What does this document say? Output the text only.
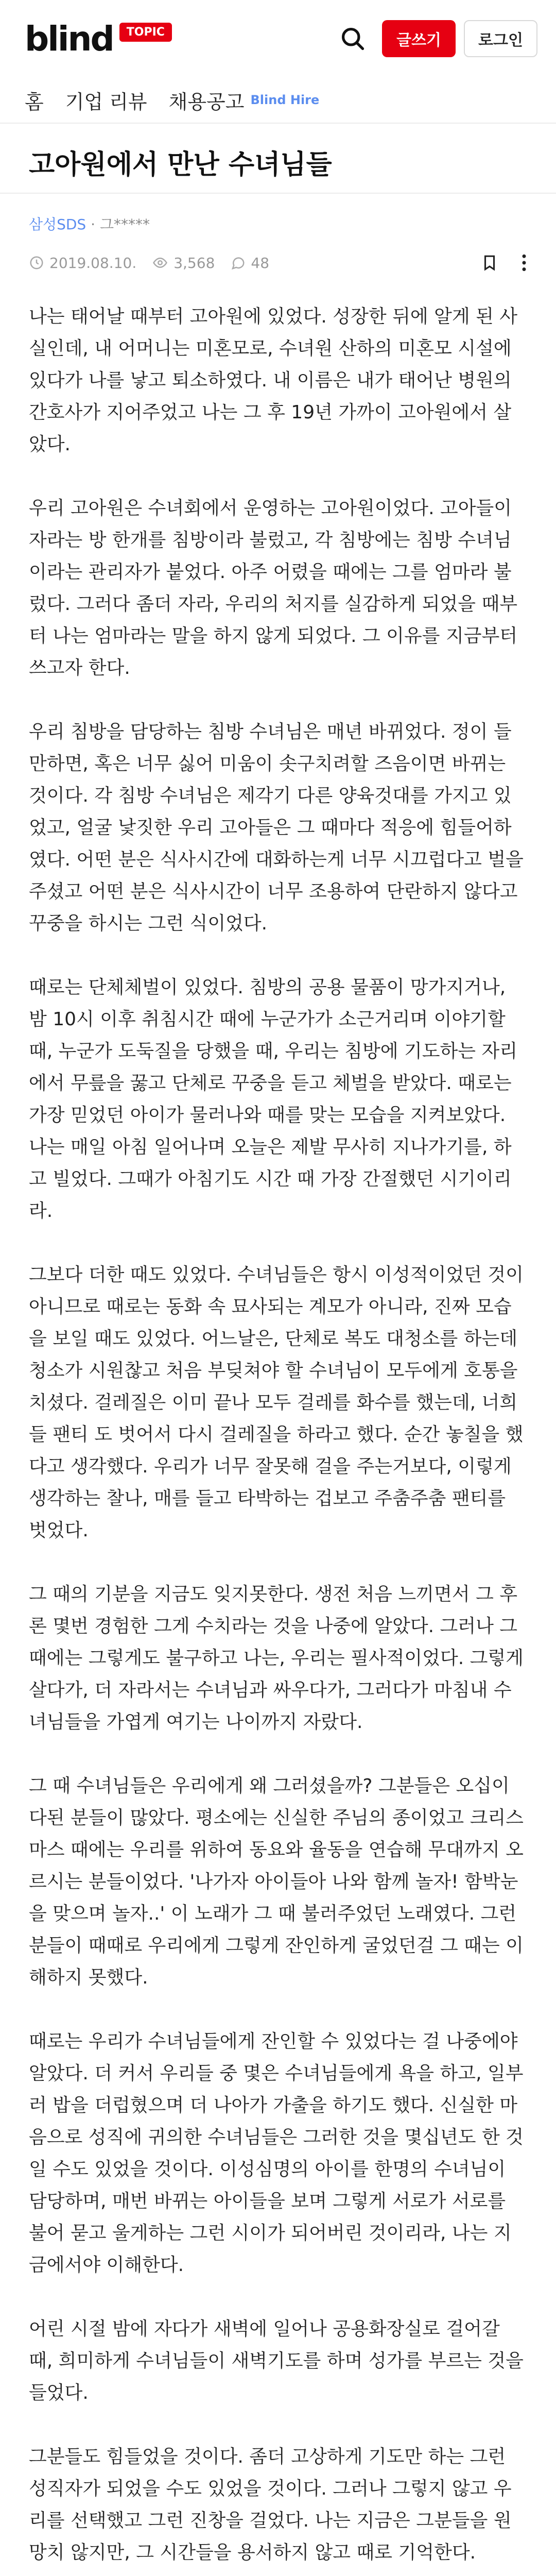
blind	TOPIC	글쓰기	로그인
홈 기업 리뷰 채용공고 Blind Hire
고아원에서 만난 수녀님들
삼성SDS · 그*****
2019.08.10.	3,568	48

나는 태어날 때부터 고아원에 있었다. 성장한 뒤에 알게 된 사실인데, 내 어머니는 미혼모로, 수녀원 산하의 미혼모 시설에 있다가 나를 낳고 퇴소하였다. 내 이름은 내가 태어난 병원의 간호사가 지어주었고 나는 그 후 19년 가까이 고아원에서 살았다.

우리 고아원은 수녀회에서 운영하는 고아원이었다. 고아들이 자라는 방 한개를 침방이라 불렀고, 각 침방에는 침방 수녀님이라는 관리자가 붙었다. 아주 어렸을 때에는 그를 엄마라 불렀다. 그러다 좀더 자라, 우리의 처지를 실감하게 되었을 때부터 나는 엄마라는 말을 하지 않게 되었다. 그 이유를 지금부터 쓰고자 한다.

우리 침방을 담당하는 침방 수녀님은 매년 바뀌었다. 정이 들만하면, 혹은 너무 싫어 미움이 솟구치려할 즈음이면 바뀌는 것이다. 각 침방 수녀님은 제각기 다른 양육것대를 가지고 있었고, 얼굴 낯짓한 우리 고아들은 그 때마다 적응에 힘들어하였다. 어떤 분은 식사시간에 대화하는게 너무 시끄럽다고 벌을 주셨고 어떤 분은 식사시간이 너무 조용하여 단란하지 않다고 꾸중을 하시는 그런 식이었다.

때로는 단체체벌이 있었다. 침방의 공용 물품이 망가지거나, 밤 10시 이후 취침시간 때에 누군가가 소근거리며 이야기할 때, 누군가 도둑질을 당했을 때, 우리는 침방에 기도하는 자리에서 무릎을 꿇고 단체로 꾸중을 듣고 체벌을 받았다. 때로는 가장 믿었던 아이가 물러나와 때를 맞는 모습을 지켜보았다. 나는 매일 아침 일어나며 오늘은 제발 무사히 지나가기를, 하고 빌었다. 그때가 아침기도 시간 때 가장 간절했던 시기이리라.

그보다 더한 때도 있었다. 수녀님들은 항시 이성적이었던 것이 아니므로 때로는 동화 속 묘사되는 계모가 아니라, 진짜 모습을 보일 때도 있었다. 어느날은, 단체로 복도 대청소를 하는데 청소가 시원찮고 처음 부딪쳐야 할 수녀님이 모두에게 호통을 치셨다. 걸레질은 이미 끝나 모두 걸레를 화수를 했는데, 너희들 팬티 도 벗어서 다시 걸레질을 하라고 했다. 순간 놓칠을 했다고 생각했다. 우리가 너무 잘못해 걸을 주는거보다, 이렇게 생각하는 찰나, 매를 들고 타박하는 겁보고 주춤주춤 팬티를 벗었다.

그 때의 기분을 지금도 잊지못한다. 생전 처음 느끼면서 그 후론 몇번 경험한 그게 수치라는 것을 나중에 알았다. 그러나 그 때에는 그렇게도 불구하고 나는, 우리는 필사적이었다. 그렇게 살다가, 더 자라서는 수녀님과 싸우다가, 그러다가 마침내 수녀님들을 가엽게 여기는 나이까지 자랐다.

그 때 수녀님들은 우리에게 왜 그러셨을까? 그분들은 오십이 다된 분들이 많았다. 평소에는 신실한 주님의 종이었고 크리스마스 때에는 우리를 위하여 동요와 율동을 연습해 무대까지 오르시는 분들이었다. '나가자 아이들아 나와 함께 놀자! 함박눈을 맞으며 놀자..' 이 노래가 그 때 불러주었던 노래였다. 그런 분들이 때때로 우리에게 그렇게 잔인하게 굴었던걸 그 때는 이해하지 못했다.

때로는 우리가 수녀님들에게 잔인할 수 있었다는 걸 나중에야 알았다. 더 커서 우리들 중 몇은 수녀님들에게 욕을 하고, 일부러 밥을 더럽혔으며 더 나아가 가출을 하기도 했다. 신실한 마음으로 성직에 귀의한 수녀님들은 그러한 것을 몇십년도 한 것일 수도 있었을 것이다. 이성심명의 아이를 한명의 수녀님이 담당하며, 매번 바뀌는 아이들을 보며 그렇게 서로가 서로를 불어 묻고 울게하는 그런 시이가 되어버린 것이리라, 나는 지금에서야 이해한다.

어린 시절 밤에 자다가 새벽에 일어나 공용화장실로 걸어갈 때, 희미하게 수녀님들이 새벽기도를 하며 성가를 부르는 것을 들었다.

그분들도 힘들었을 것이다. 좀더 고상하게 기도만 하는 그런 성직자가 되었을 수도 있었을 것이다. 그러나 그렇지 않고 우리를 선택했고 그런 진창을 걸었다. 나는 지금은 그분들을 원망치 않지만, 그 시간들을 용서하지 않고 때로 기억한다.
